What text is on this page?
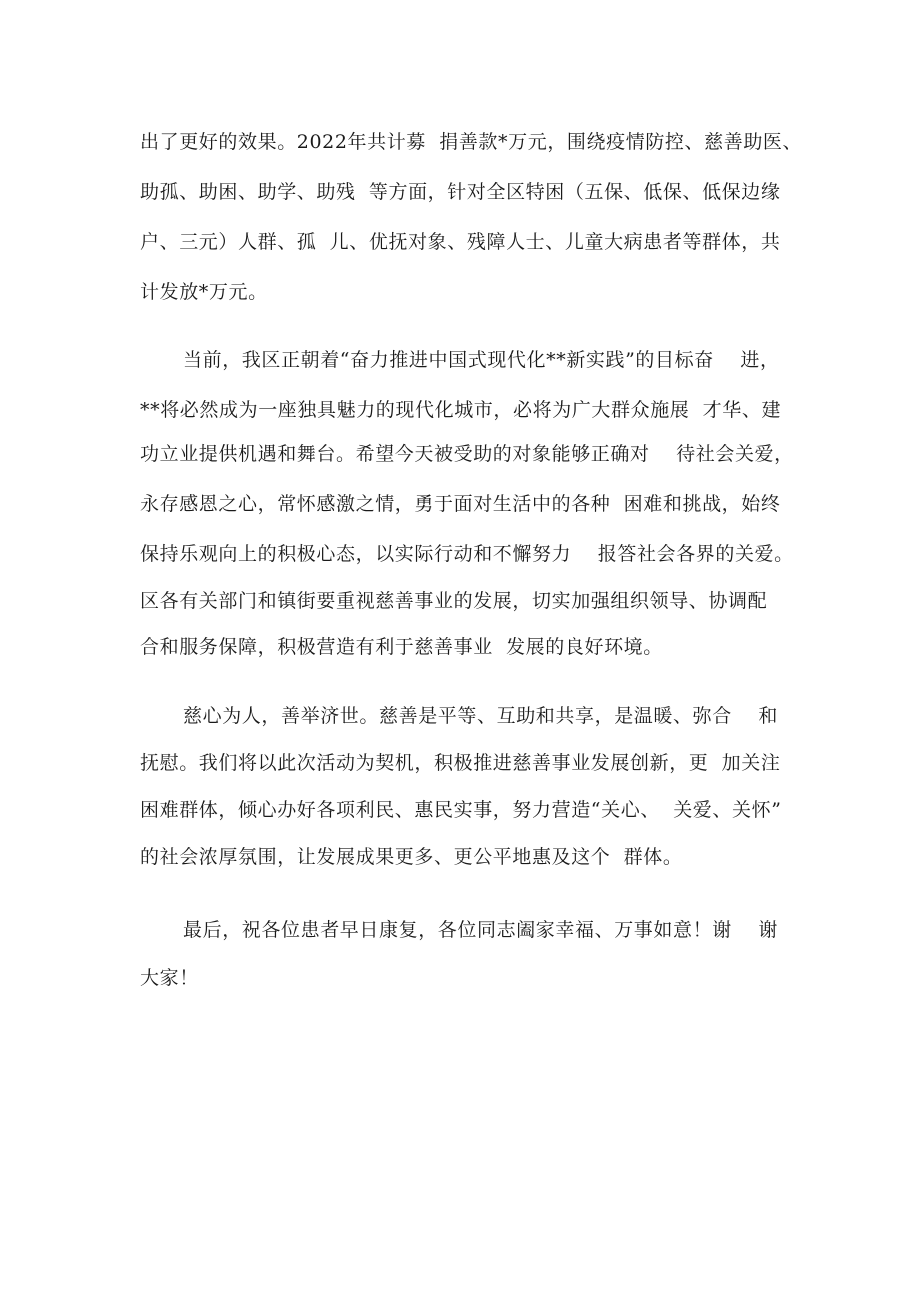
出了更好的效果。2022年共计募  捐善款*万元，围绕疫情防控、慈善助医、
助孤、助困、助学、助残  等方面，针对全区特困（五保、低保、低保边缘
户、三元）人群、孤  儿、优抚对象、残障人士、儿童大病患者等群体，共
计发放*万元。
当前，我区正朝着“奋力推进中国式现代化**新实践”的目标奋    进，
**将必然成为一座独具魅力的现代化城市，必将为广大群众施展  才华、建
功立业提供机遇和舞台。希望今天被受助的对象能够正确对    待社会关爱，
永存感恩之心，常怀感激之情，勇于面对生活中的各种  困难和挑战，始终
保持乐观向上的积极心态，以实际行动和不懈努力    报答社会各界的关爱。
区各有关部门和镇街要重视慈善事业的发展，切实加强组织领导、协调配
合和服务保障，积极营造有利于慈善事业  发展的良好环境。
慈心为人，善举济世。慈善是平等、互助和共享，是温暖、弥合    和
抚慰。我们将以此次活动为契机，积极推进慈善事业发展创新，更  加关注
困难群体，倾心办好各项利民、惠民实事，努力营造“关心、  关爱、关怀”
的社会浓厚氛围，让发展成果更多、更公平地惠及这个  群体。
最后，祝各位患者早日康复，各位同志阖家幸福、万事如意！谢    谢
大家！
